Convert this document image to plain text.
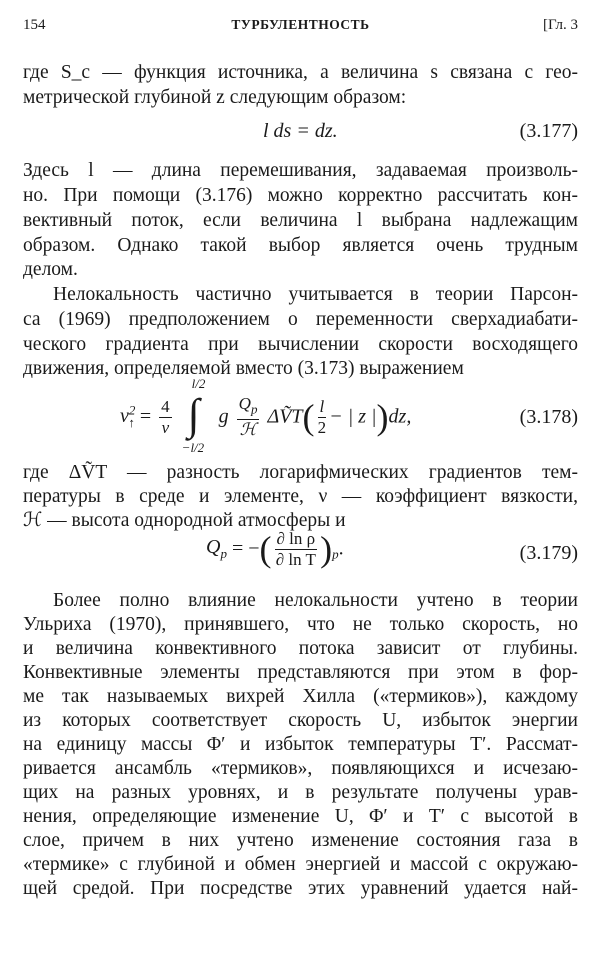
154	ТУРБУЛЕНТНОСТЬ	[Гл. 3
где S_c — функция источника, а величина s связана с гео-
метрической глубиной z следующим образом:
l ds = dz.	(3.177)
Здесь l — длина перемешивания, задаваемая произволь-
но. При помощи (3.176) можно корректно рассчитать кон-
вективный поток, если величина l выбрана надлежащим
образом. Однако такой выбор является очень трудным
делом.
Нелокальность частично учитывается в теории Парсон-
са (1969) предположением о переменности сверхадиабати-
ческого градиента при вычислении скорости восходящего
движения, определяемой вместо (3.173) выражением
$v^2_↑ = \frac{4}{\nu}$

l/2
∫
−l/2
g $\frac{Q_p}{\text{ℋ}}$ ΔṼT( $\frac{l}{2}$ − | z |)dz,	(3.178)
где ΔṼT — разность логарифмических градиентов тем-
пературы в среде и элементе, ν — коэффициент вязкости,
ℋ — высота однородной атмосферы и
$Q_p$ = −( $\frac{\text{∂ ln ρ}}{\text{∂ ln T}} )_p$.	(3.179)
Более полно влияние нелокальности учтено в теории
Ульриха (1970), принявшего, что не только скорость, но
и величина конвективного потока зависит от глубины.
Конвективные элементы представляются при этом в фор-
ме так называемых вихрей Хилла («термиков»), каждому
из которых соответствует скорость U, избыток энергии
на единицу массы Φ′ и избыток температуры T′. Рассмат-
ривается ансамбль «термиков», появляющихся и исчезаю-
щих на разных уровнях, и в результате получены урав-
нения, определяющие изменение U, Φ′ и T′ с высотой в
слое, причем в них учтено изменение состояния газа в
«термике» с глубиной и обмен энергией и массой с окружаю-
щей средой. При посредстве этих уравнений удается най-
